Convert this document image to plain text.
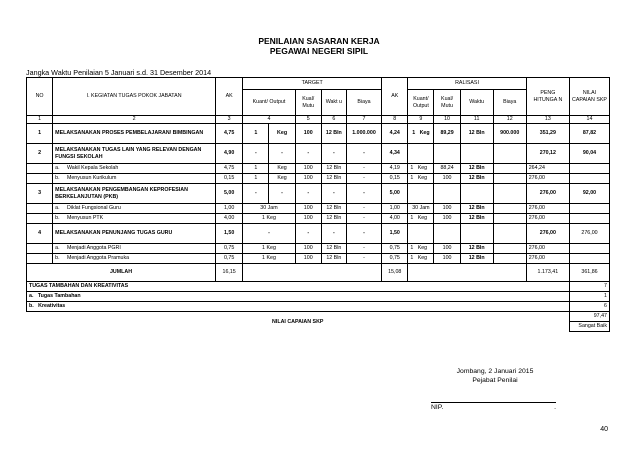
PENILAIAN SASARAN KERJA
PEGAWAI NEGERI SIPIL
Jangka Waktu Penilaian 5 Januari s.d. 31 Desember 2014
NO	I. KEGIATAN TUGAS POKOK JABATAN	AK	TARGET					AK	RALISASI				PENG HITUNGA N	NILAI CAPAIAN SKP
			Kuant/ Output		Kual/ Mutu	Wakt u	Biaya		Kuant/ Output	Kual/ Mutu	Waktu	Biaya		
1	2	3	4		5	6	7	8	9	10	11	12	13	14
1	MELAKSANAKAN PROSES PEMBELAJARAN/ BIMBINGAN	4,75	1	Keg	100	12 Bln	1.000.000	4,24	1 Keg	89,29	12 Bln	900.000	351,29	87,82
2	MELAKSANAKAN TUGAS LAIN YANG RELEVAN DENGAN FUNGSI SEKOLAH	4,90	-	-	-	-	-	4,34					270,12	90,04
	a. Wakil Kepala Sekolah	4,75	1	Keg	100	12 Bln	-	4,19	1 Keg	88,24	12 Bln		264,24	
	b. Menyusun Kurikulum	0,15	1	Keg	100	12 Bln	-	0,15	1 Keg	100	12 Bln		276,00	
3	MELAKSANAKAN PENGEMBANGAN KEPROFESIAN BERKELANJUTAN (PKB)	5,00	-	-	-	-	-	5,00					276,00	92,00
	a. Diklat Fungsional Guru	1,00	30 Jam		100	12 Bln	-	1,00	30 Jam	100	12 Bln		276,00	
	b. Menyusun PTK	4,00	1 Keg		100	12 Bln	-	4,00	1 Keg	100	12 Bln		276,00	
4	MELAKSANAKAN PENUNJANG TUGAS GURU	1,50	-		-	-	-	1,50					276,00	276,00
	a. Menjadi Anggota PGRI	0,75	1 Keg		100	12 Bln	-	0,75	1 Keg	100	12 Bln		276,00	
	b. Menjadi Anggota Pramuka	0,75	1 Keg		100	12 Bln	-	0,75	1 Keg	100	12 Bln		276,00	
JUMLAH		16,15						15,08					1.173,41	361,86
TUGAS TAMBAHAN DAN KREATIVITAS														7
a. Tugas Tambahan														1
b. Kreativitas														6
NILAI CAPAIAN SKP														97,47
														Sangat Baik
Jombang, 2 Januari 2015
Pejabat Penilai
NIP.	.
40
